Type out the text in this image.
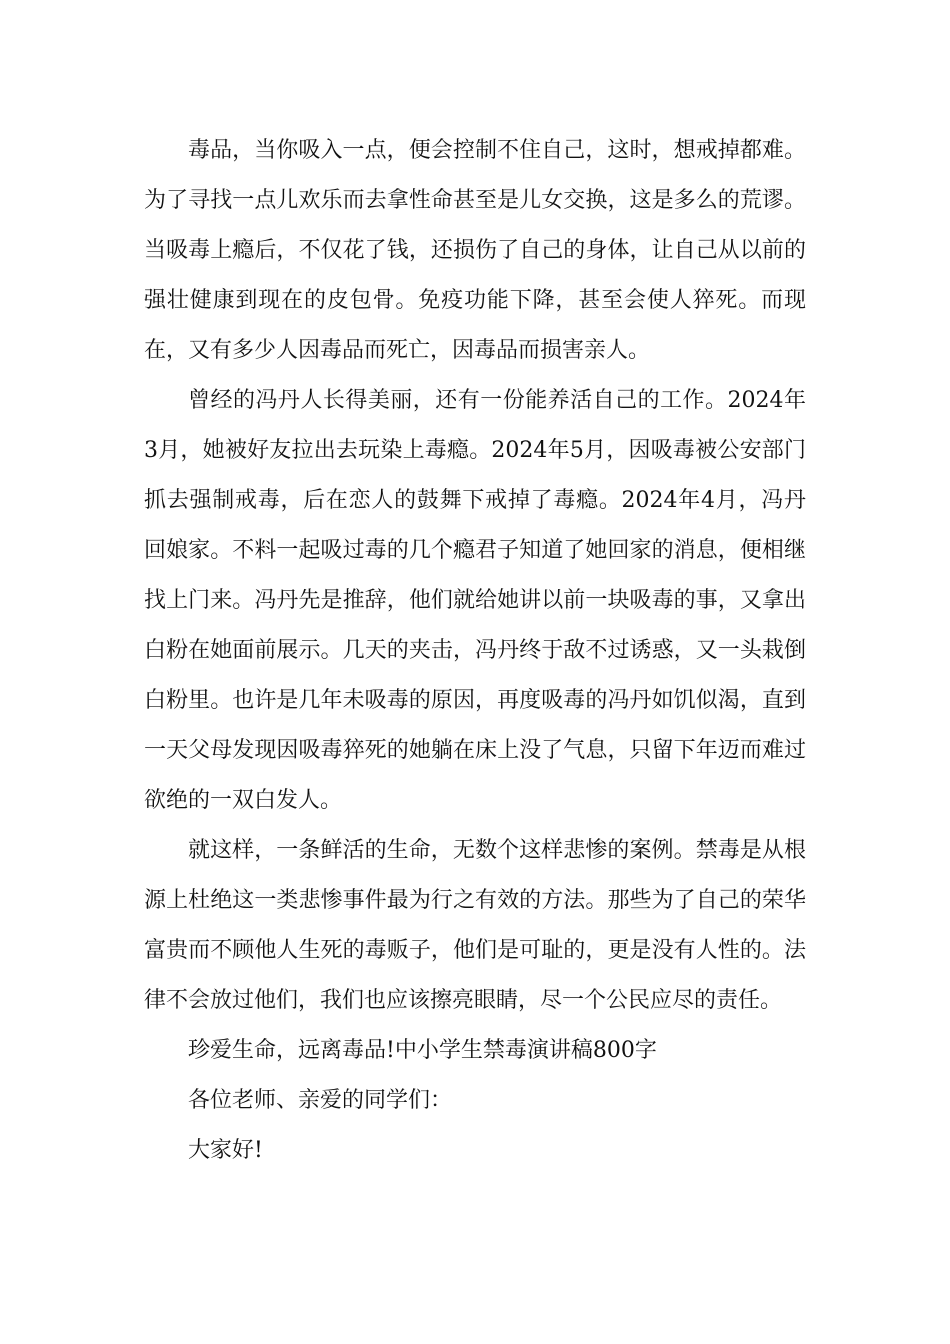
毒品，当你吸入一点，便会控制不住自己，这时，想戒掉都难。为了寻找一点儿欢乐而去拿性命甚至是儿女交换，这是多么的荒谬。当吸毒上瘾后，不仅花了钱，还损伤了自己的身体，让自己从以前的强壮健康到现在的皮包骨。免疫功能下降，甚至会使人猝死。而现在，又有多少人因毒品而死亡，因毒品而损害亲人。

曾经的冯丹人长得美丽，还有一份能养活自己的工作。2024年3月，她被好友拉出去玩染上毒瘾。2024年5月，因吸毒被公安部门抓去强制戒毒，后在恋人的鼓舞下戒掉了毒瘾。2024年4月，冯丹回娘家。不料一起吸过毒的几个瘾君子知道了她回家的消息，便相继找上门来。冯丹先是推辞，他们就给她讲以前一块吸毒的事，又拿出白粉在她面前展示。几天的夹击，冯丹终于敌不过诱惑，又一头栽倒白粉里。也许是几年未吸毒的原因，再度吸毒的冯丹如饥似渴，直到一天父母发现因吸毒猝死的她躺在床上没了气息，只留下年迈而难过欲绝的一双白发人。

就这样，一条鲜活的生命，无数个这样悲惨的案例。禁毒是从根源上杜绝这一类悲惨事件最为行之有效的方法。那些为了自己的荣华富贵而不顾他人生死的毒贩子，他们是可耻的，更是没有人性的。法律不会放过他们，我们也应该擦亮眼睛，尽一个公民应尽的责任。

珍爱生命，远离毒品!中小学生禁毒演讲稿800字

各位老师、亲爱的同学们：

大家好!
